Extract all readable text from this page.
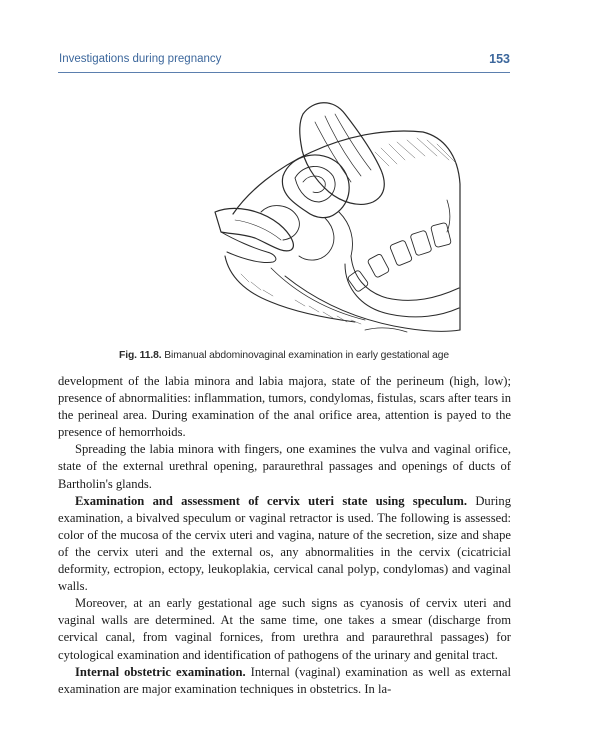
Investigations during pregnancy	153
Fig. 11.8. Bimanual abdominovaginal examination in early gestational age

development of the labia minora and labia majora, state of the perineum (high, low); presence of abnormalities: inflammation, tumors, condylomas, fistulas, scars after tears in the perineal area. During examination of the anal orifice area, attention is payed to the presence of hemorrhoids.

Spreading the labia minora with fingers, one examines the vulva and vaginal orifice, state of the external urethral opening, paraurethral passages and openings of ducts of Bartholin's glands.

Examination and assessment of cervix uteri state using speculum. During examination, a bivalved speculum or vaginal retractor is used. The following is assessed: color of the mucosa of the cervix uteri and vagina, nature of the secretion, size and shape of the cervix uteri and the external os, any abnormalities in the cervix (cicatricial deformity, ectropion, ectopy, leukoplakia, cervical canal polyp, condylomas) and vaginal walls.

Moreover, at an early gestational age such signs as cyanosis of cervix uteri and vaginal walls are determined. At the same time, one takes a smear (discharge from cervical canal, from vaginal fornices, from urethra and paraurethral passages) for cytological examination and identification of pathogens of the urinary and genital tract.

Internal obstetric examination. Internal (vaginal) examination as well as external examination are major examination techniques in obstetrics. In la-
